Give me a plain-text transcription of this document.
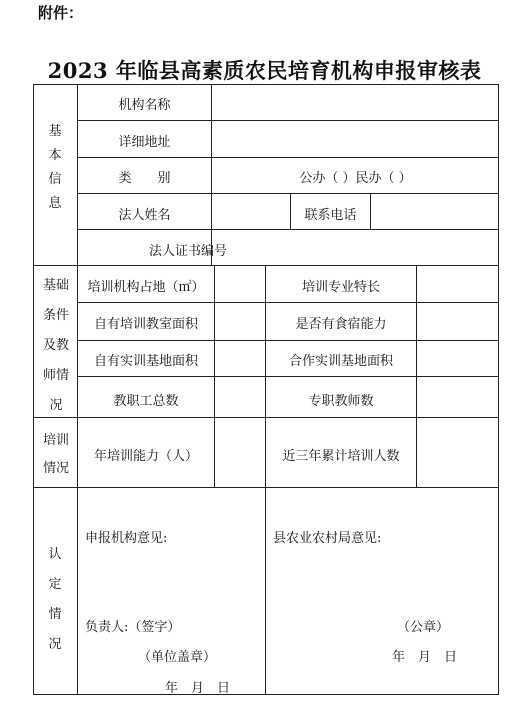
附件：
2023 年临县高素质农民培育机构申报审核表
基
本
信
息
机构名称
详细地址
类　　别	公办（ ）民办（ ）
法人姓名	联系电话
法人证书编号
基础
条件
及教
师情
况
培训机构占地（㎡）	培训专业特长
自有培训教室面积	是否有食宿能力
自有实训基地面积	合作实训基地面积
教职工总数	专职教师数
培训
情况
年培训能力（人）	近三年累计培训人数
认
定
情
况
申报机构意见:	县农业农村局意见:
负责人:（签字）
（单位盖章）
年　月　日
（公章）
年　月　日
